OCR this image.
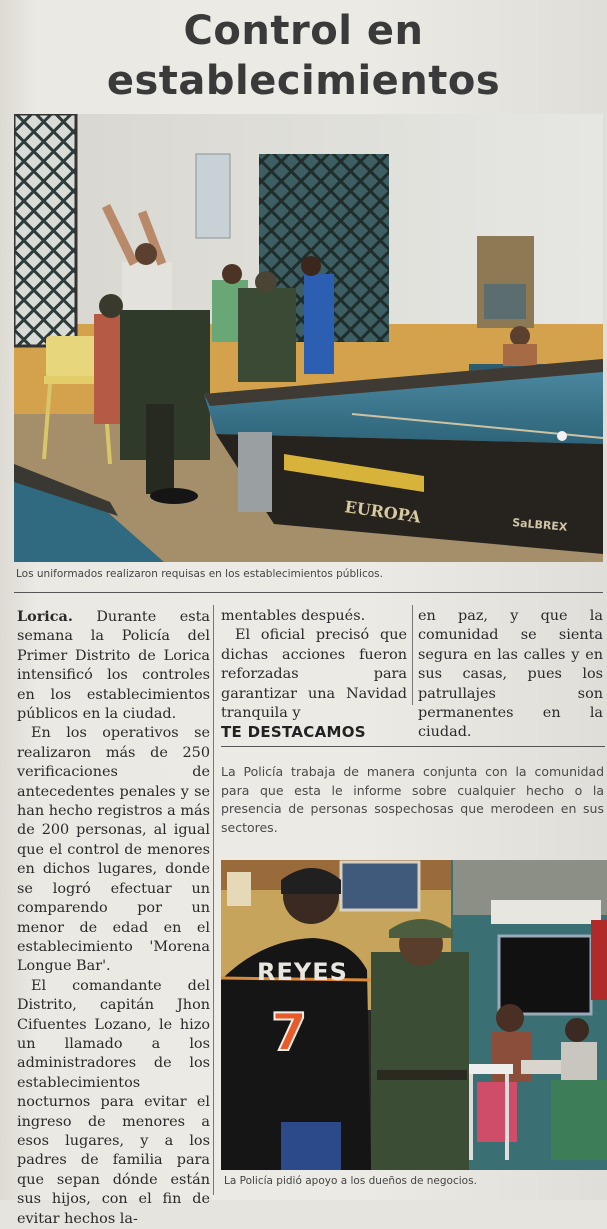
Control en
establecimientos
EUROPA	SaLBREX
Los uniformados realizaron requisas en los establecimientos públicos.

Lorica. Durante esta semana la Policía del Primer Distrito de Lorica intensificó los controles en los establecimientos públicos en la ciudad.

En los operativos se realizaron más de 250 verificaciones de antecedentes penales y se han hecho registros a más de 200 personas, al igual que el control de menores en dichos lugares, donde se logró efectuar un comparendo por un menor de edad en el establecimiento 'Morena Longue Bar'.

El comandante del Distrito, capitán Jhon Cifuentes Lozano, le hizo un llamado a los administradores de los establecimientos nocturnos para evitar el ingreso de menores a esos lugares, y a los padres de familia para que sepan dónde están sus hijos, con el fin de evitar hechos la-

mentables después.

El oficial precisó que dichas acciones fueron reforzadas para garantizar una Navidad tranquila y

en paz, y que la comunidad se sienta segura en las calles y en sus casas, pues los patrullajes son permanentes en la ciudad.

TE DESTACAMOS
La Policía trabaja de manera conjunta con la comunidad para que esta le informe sobre cualquier hecho o la presencia de personas sospechosas que merodeen en sus sectores.
REYES
7
La Policía pidió apoyo a los dueños de negocios.
